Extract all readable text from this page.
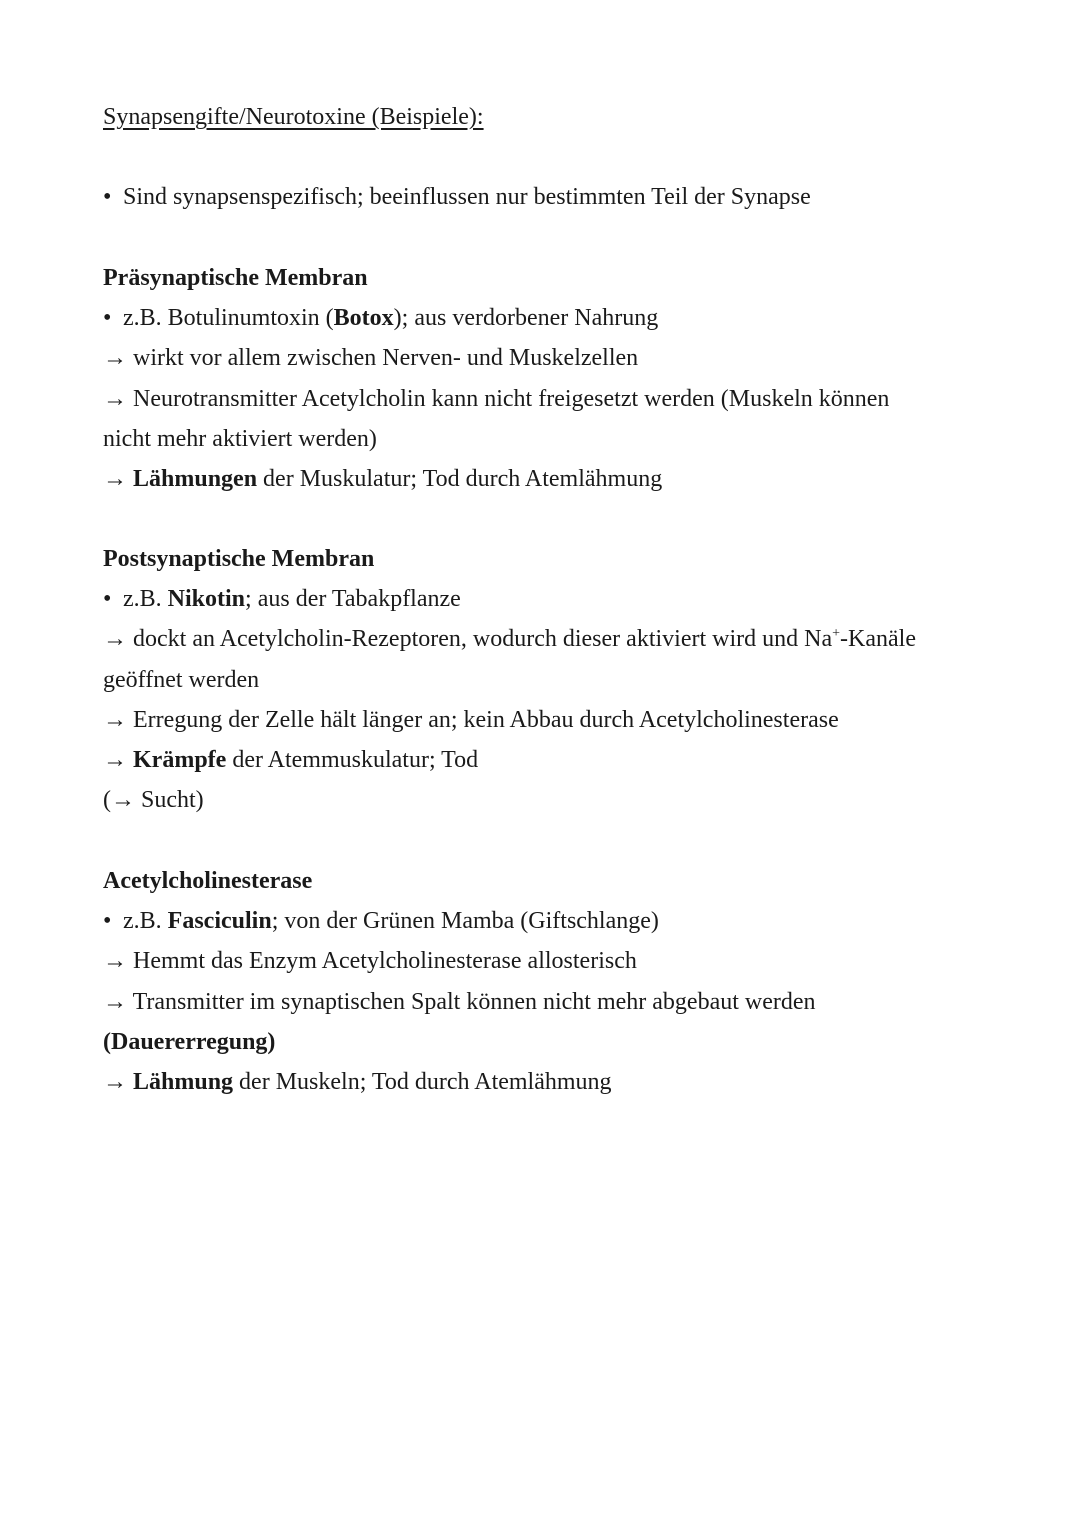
Synapsengifte/Neurotoxine (Beispiele):
• Sind synapsenspezifisch; beeinflussen nur bestimmten Teil der Synapse
Präsynaptische Membran
• z.B. Botulinumtoxin (Botox); aus verdorbener Nahrung
→ wirkt vor allem zwischen Nerven- und Muskelzellen
→ Neurotransmitter Acetylcholin kann nicht freigesetzt werden (Muskeln können
nicht mehr aktiviert werden)
→ Lähmungen der Muskulatur; Tod durch Atemlähmung
Postsynaptische Membran
• z.B. Nikotin; aus der Tabakpflanze
→ dockt an Acetylcholin-Rezeptoren, wodurch dieser aktiviert wird und Na+-Kanäle
geöffnet werden
→ Erregung der Zelle hält länger an; kein Abbau durch Acetylcholinesterase
→ Krämpfe der Atemmuskulatur; Tod
(→ Sucht)
Acetylcholinesterase
• z.B. Fasciculin; von der Grünen Mamba (Giftschlange)
→ Hemmt das Enzym Acetylcholinesterase allosterisch
→ Transmitter im synaptischen Spalt können nicht mehr abgebaut werden
(Dauererregung)
→ Lähmung der Muskeln; Tod durch Atemlähmung
